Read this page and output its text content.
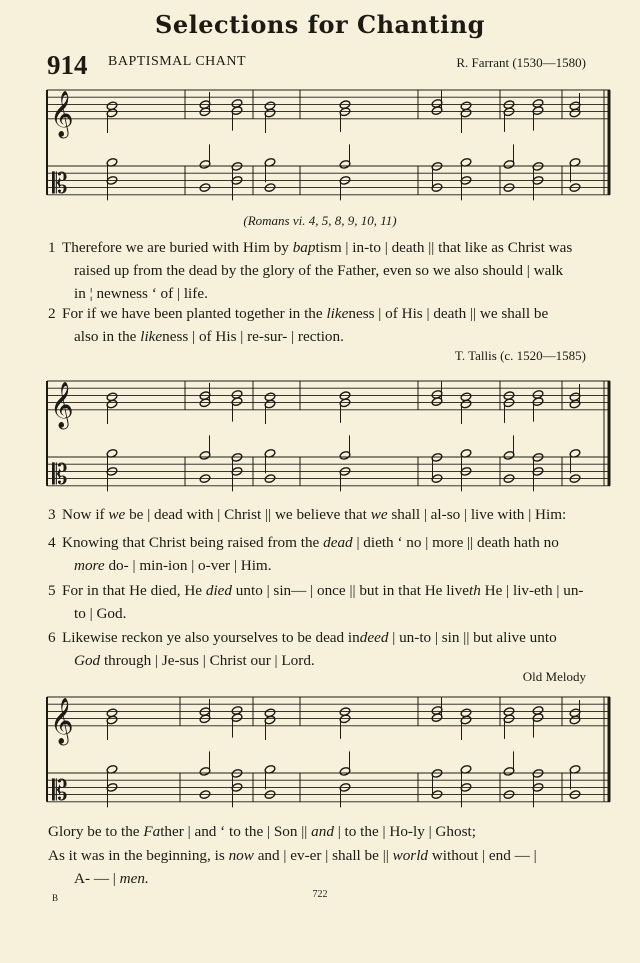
Selections for Chanting
914 BAPTISMAL CHANT	R. Farrant (1530—1580)
𝄞
𝄡
𝄞
𝄡
𝄞
𝄡
(Romans vi. 4, 5, 8, 9, 10, 11)
1 Therefore we are buried with Him by baptism | in-to | death || that like as Christ was
raised up from the dead by the glory of the Father, even so we also should | walk
in ¦ newness ‘ of | life.
2 For if we have been planted together in the likeness | of His | death || we shall be
also in the likeness | of His | re-sur- | rection.
T. Tallis (c. 1520—1585)
3 Now if we be | dead with | Christ || we believe that we shall | al-so | live with | Him:
4 Knowing that Christ being raised from the dead | dieth ‘ no | more || death hath no
more do- | min-ion | o-ver | Him.
5 For in that He died, He died unto | sin— | once || but in that He liveth He | liv-eth | un-
to | God.
6 Likewise reckon ye also yourselves to be dead indeed | un-to | sin || but alive unto
God through | Je-sus | Christ our | Lord.
Old Melody
Glory be to the Father | and ‘ to the | Son || and | to the | Ho-ly | Ghost;
As it was in the beginning, is now and | ev-er | shall be || world without | end — |
A- — | men.
B	722
